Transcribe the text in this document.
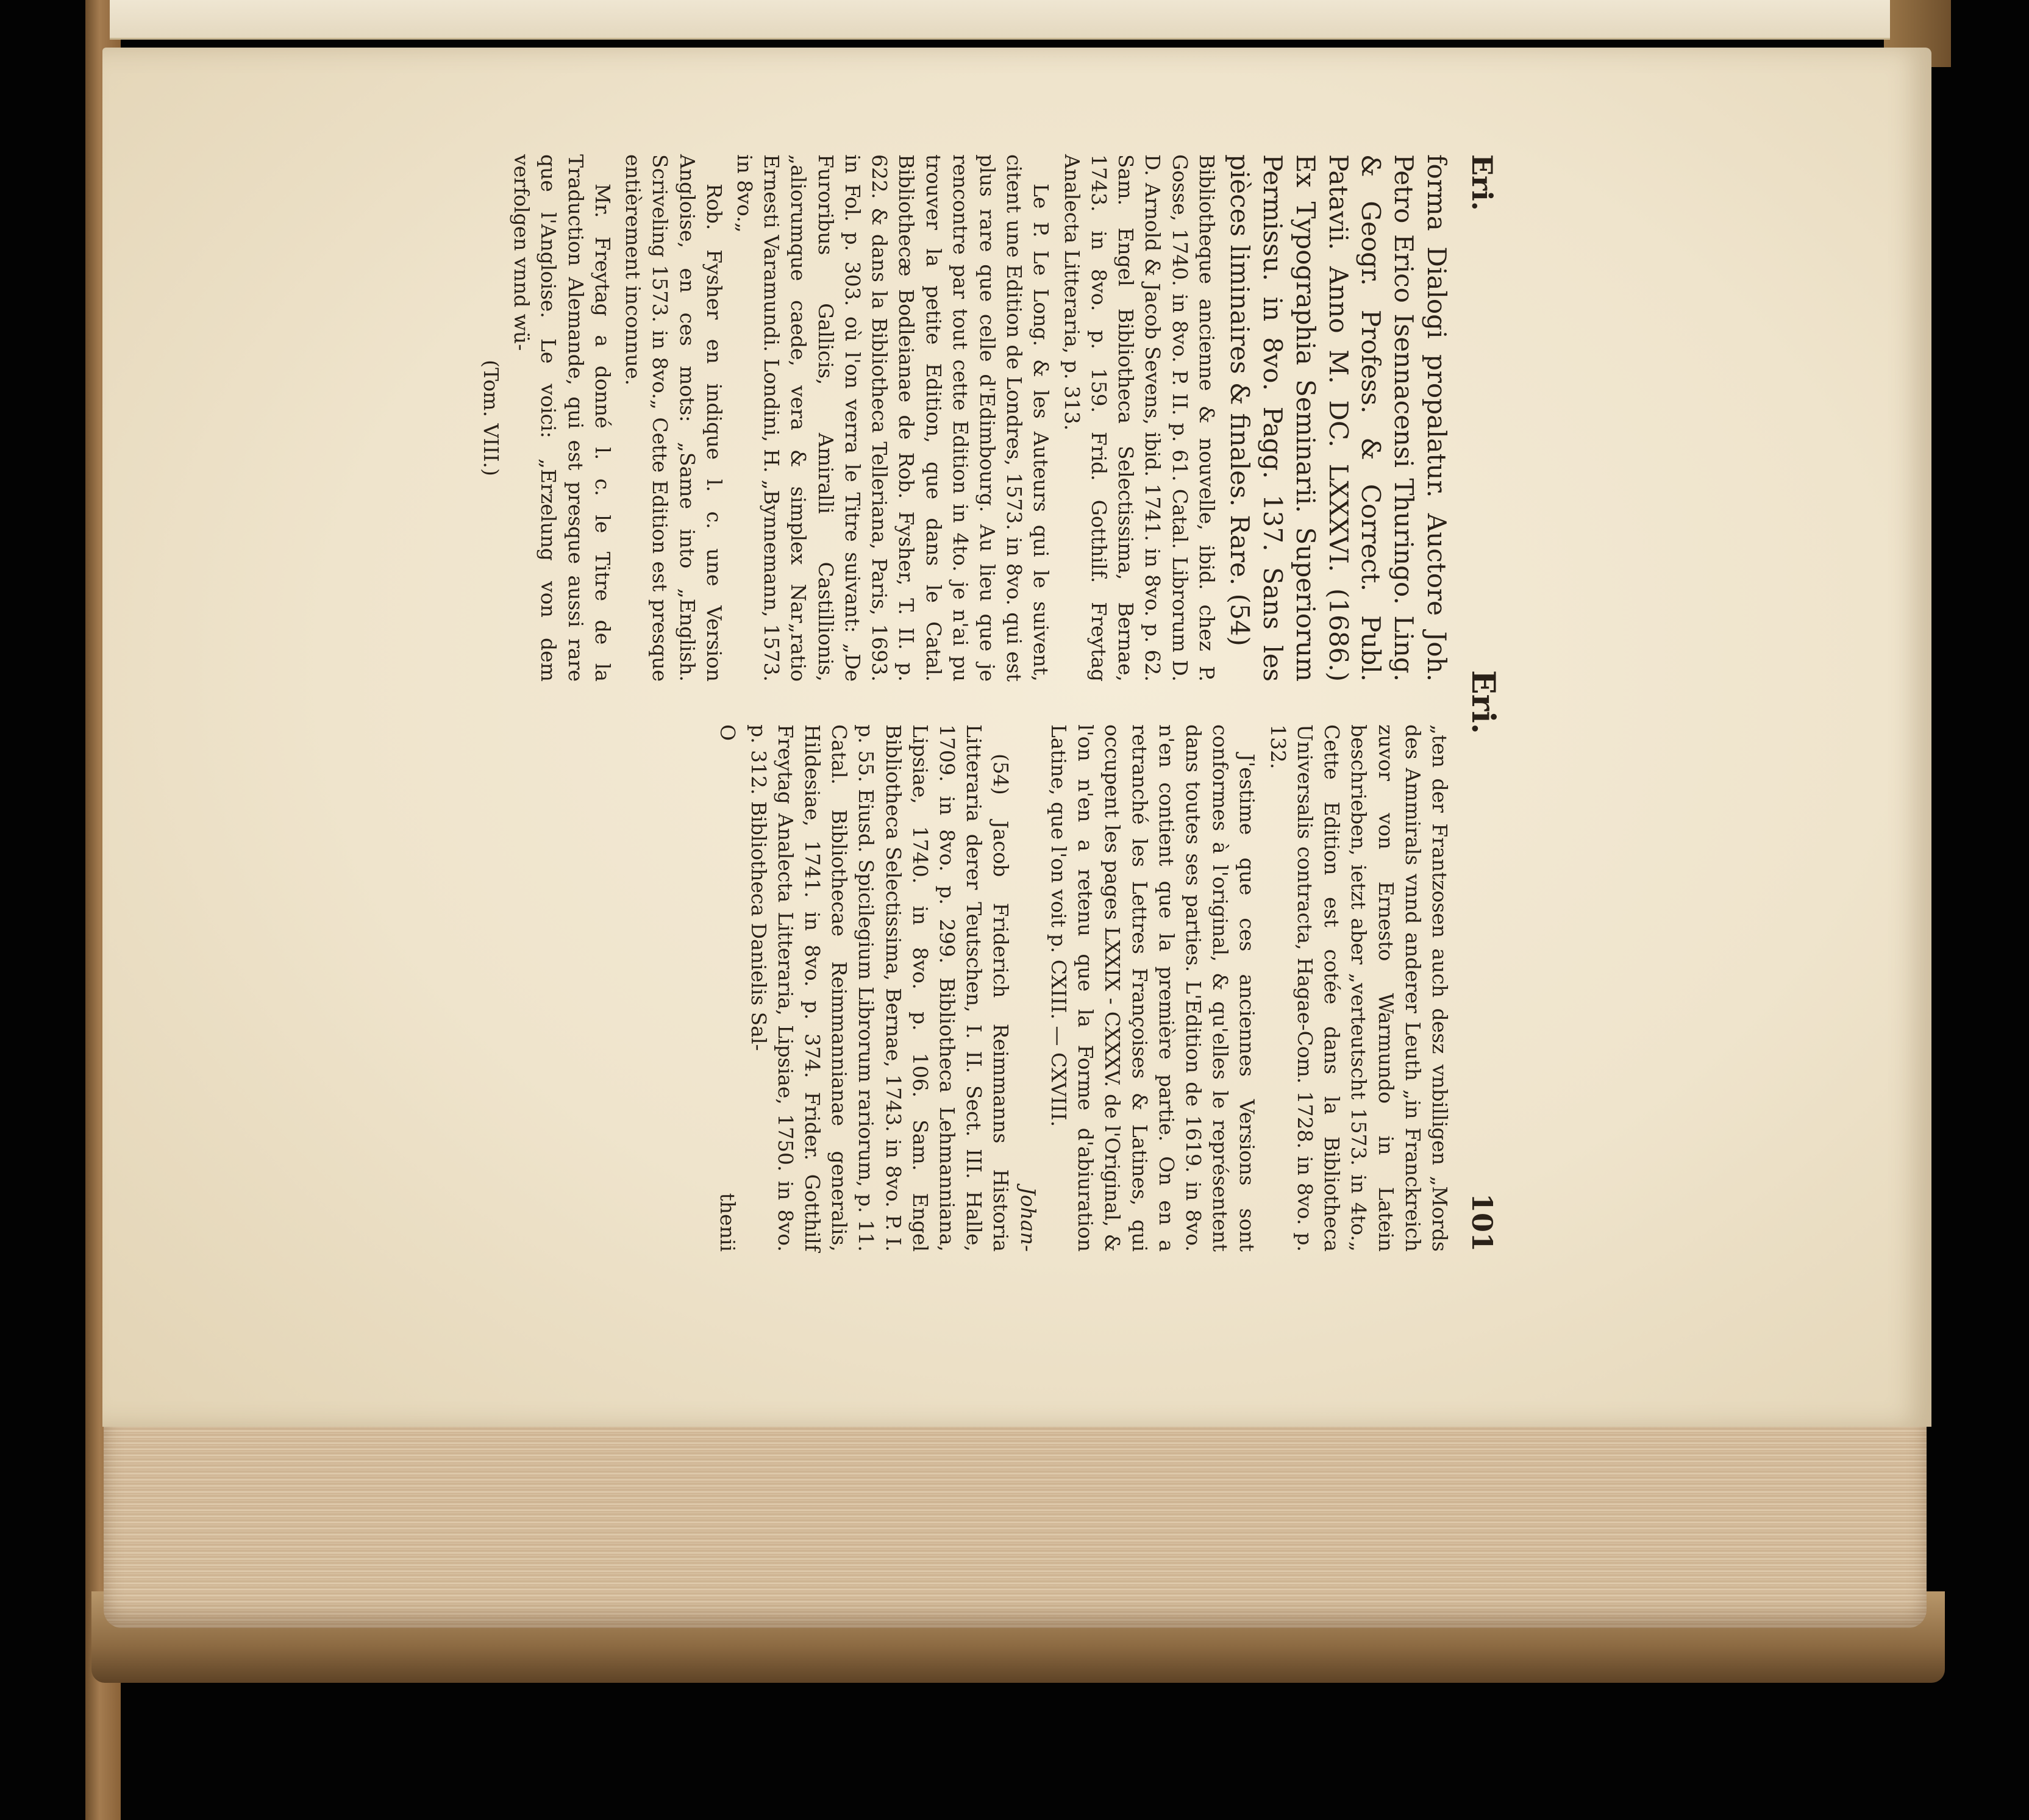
Eri.
Eri.
101

forma Dialogi propalatur. Auctore Joh. Petro Erico Isennacensi Thuringo. Ling. & Geogr. Profess. & Correct. Publ. Patavii. Anno M. DC. LXXXVI. (1686.) Ex Typographia Seminarii. Superiorum Permissu. in 8vo. Pagg. 137. Sans les pièces liminaires & finales. Rare. (54)

Bibliotheque ancienne & nouvelle, ibid. chez P. Gosse, 1740. in 8vo. P. II. p. 61. Catal. Librorum D. D. Arnold & Jacob Sevens, ibid. 1741. in 8vo. p. 62. Sam. Engel Bibliotheca Selectissima, Bernae, 1743. in 8vo. p. 159. Frid. Gotthilf. Freytag Analecta Litteraria, p. 313.

Le P. Le Long. & les Auteurs qui le suivent, citent une Edition de Londres, 1573. in 8vo. qui est plus rare que celle d'Edimbourg. Au lieu que je rencontre par tout cette Edition in 4to. je n'ai pu trouver la petite Edition, que dans le Catal. Bibliothecæ Bodleianae de Rob. Fysher, T. II. p. 622. & dans la Bibliotheca Telleriana, Paris, 1693. in Fol. p. 303. où l'on verra le Titre suivant: „De Furoribus Gallicis, Amiralli Castillionis, „aliorumque caede, vera & simplex Nar„ratio Ernesti Varamundi. Londini, H. „Bynnemann, 1573. in 8vo.„

Rob. Fysher en indique l. c. une Version Angloise, en ces mots: „Same into „English. Scriveling 1573. in 8vo.„ Cette Edition est presque entièrement inconnue.

Mr. Freytag a donné l. c. le Titre de la Traduction Alemande, qui est presque aussi rare que l'Angloise. Le voici: „Erzelung von dem verfolgen vnnd wü-

(Tom. VIII.)

„ten der Frantzosen auch desz vnbilligen „Mords des Ammirals vnnd anderer Leuth „in Franckreich zuvor von Ernesto Warmundo in Latein beschrieben, ietzt aber „verteutscht 1573. in 4to.„ Cette Edition est cotée dans la Bibliotheca Universalis contracta, Hagae-Com. 1728. in 8vo. p. 132.

J'estime que ces anciennes Versions sont conformes à l'original, & qu'elles le représentent dans toutes ses parties. L'Edition de 1619. in 8vo. n'en contient que la première partie. On en a retranché les Lettres Françoises & Latines, qui occupent les pages LXXIX - CXXXV. de l'Original, & l'on n'en a retenu que la Forme d'abiuration Latine, que l'on voit p. CXIII. — CXVIII.

Johan-

(54) Jacob Friderich Reimmanns Historia Litteraria derer Teutschen, I. II. Sect. III. Halle, 1709. in 8vo. p. 299. Bibliotheca Lehmanniana, Lipsiae, 1740. in 8vo. p. 106. Sam. Engel Bibliotheca Selectissima, Bernae, 1743. in 8vo. P. I. p. 55. Eiusd. Spicilegium Librorum rariorum, p. 11. Catal. Bibliothecae Reimmannianae generalis, Hildesiae, 1741. in 8vo. p. 374. Frider. Gotthilf Freytag Analecta Litteraria, Lipsiae, 1750. in 8vo. p. 312. Bibliotheca Danielis Sal-

O
thenii
